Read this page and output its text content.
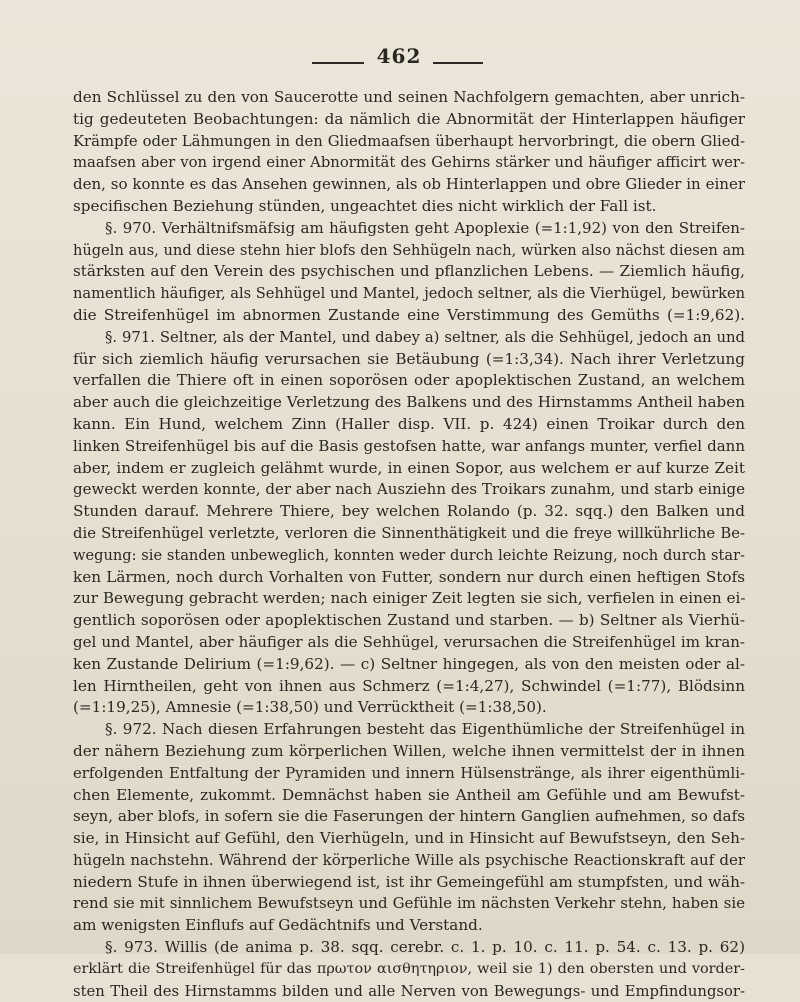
462
den Schlüssel zu den von Saucerotte und seinen Nachfolgern gemachten, aber unrich-
tig gedeuteten Beobachtungen: da nämlich die Abnormität der Hinterlappen häufiger
Krämpfe oder Lähmungen in den Gliedmaafsen überhaupt hervorbringt, die obern Glied-
maafsen aber von irgend einer Abnormität des Gehirns stärker und häufiger afficirt wer-
den, so konnte es das Ansehen gewinnen, als ob Hinterlappen und obre Glieder in einer
specifischen Beziehung stünden, ungeachtet dies nicht wirklich der Fall ist.
§. 970. Verhältnifsmäfsig am häufigsten geht Apoplexie (=1:1,92) von den Streifen-
hügeln aus, und diese stehn hier blofs den Sehhügeln nach, würken also nächst diesen am
stärksten auf den Verein des psychischen und pflanzlichen Lebens. — Ziemlich häufig,
namentlich häufiger, als Sehhügel und Mantel, jedoch seltner, als die Vierhügel, bewürken
die Streifenhügel im abnormen Zustande eine Verstimmung des Gemüths (=1:9,62).
§. 971. Seltner, als der Mantel, und dabey a) seltner, als die Sehhügel, jedoch an und
für sich ziemlich häufig verursachen sie Betäubung (=1:3,34). Nach ihrer Verletzung
verfallen die Thiere oft in einen soporösen oder apoplektischen Zustand, an welchem
aber auch die gleichzeitige Verletzung des Balkens und des Hirnstamms Antheil haben
kann. Ein Hund, welchem Zinn (Haller disp. VII. p. 424) einen Troikar durch den
linken Streifenhügel bis auf die Basis gestofsen hatte, war anfangs munter, verfiel dann
aber, indem er zugleich gelähmt wurde, in einen Sopor, aus welchem er auf kurze Zeit
geweckt werden konnte, der aber nach Ausziehn des Troikars zunahm, und starb einige
Stunden darauf. Mehrere Thiere, bey welchen Rolando (p. 32. sqq.) den Balken und
die Streifenhügel verletzte, verloren die Sinnenthätigkeit und die freye willkührliche Be-
wegung: sie standen unbeweglich, konnten weder durch leichte Reizung, noch durch star-
ken Lärmen, noch durch Vorhalten von Futter, sondern nur durch einen heftigen Stofs
zur Bewegung gebracht werden; nach einiger Zeit legten sie sich, verfielen in einen ei-
gentlich soporösen oder apoplektischen Zustand und starben. — b) Seltner als Vierhü-
gel und Mantel, aber häufiger als die Sehhügel, verursachen die Streifenhügel im kran-
ken Zustande Delirium (=1:9,62). — c) Seltner hingegen, als von den meisten oder al-
len Hirntheilen, geht von ihnen aus Schmerz (=1:4,27), Schwindel (=1:77), Blödsinn
(=1:19,25), Amnesie (=1:38,50) und Verrücktheit (=1:38,50).
§. 972. Nach diesen Erfahrungen besteht das Eigenthümliche der Streifenhügel in
der nähern Beziehung zum körperlichen Willen, welche ihnen vermittelst der in ihnen
erfolgenden Entfaltung der Pyramiden und innern Hülsenstränge, als ihrer eigenthümli-
chen Elemente, zukommt. Demnächst haben sie Antheil am Gefühle und am Bewufst-
seyn, aber blofs, in sofern sie die Faserungen der hintern Ganglien aufnehmen, so dafs
sie, in Hinsicht auf Gefühl, den Vierhügeln, und in Hinsicht auf Bewufstseyn, den Seh-
hügeln nachstehn. Während der körperliche Wille als psychische Reactionskraft auf der
niedern Stufe in ihnen überwiegend ist, ist ihr Gemeingefühl am stumpfsten, und wäh-
rend sie mit sinnlichem Bewufstseyn und Gefühle im nächsten Verkehr stehn, haben sie
am wenigsten Einflufs auf Gedächtnifs und Verstand.
§. 973. Willis (de anima p. 38. sqq. cerebr. c. 1. p. 10. c. 11. p. 54. c. 13. p. 62)
erklärt die Streifenhügel für das πρωτον αισθητηριον, weil sie 1) den obersten und vorder-
sten Theil des Hirnstamms bilden und alle Nerven von Bewegungs- und Empfindungsor-
